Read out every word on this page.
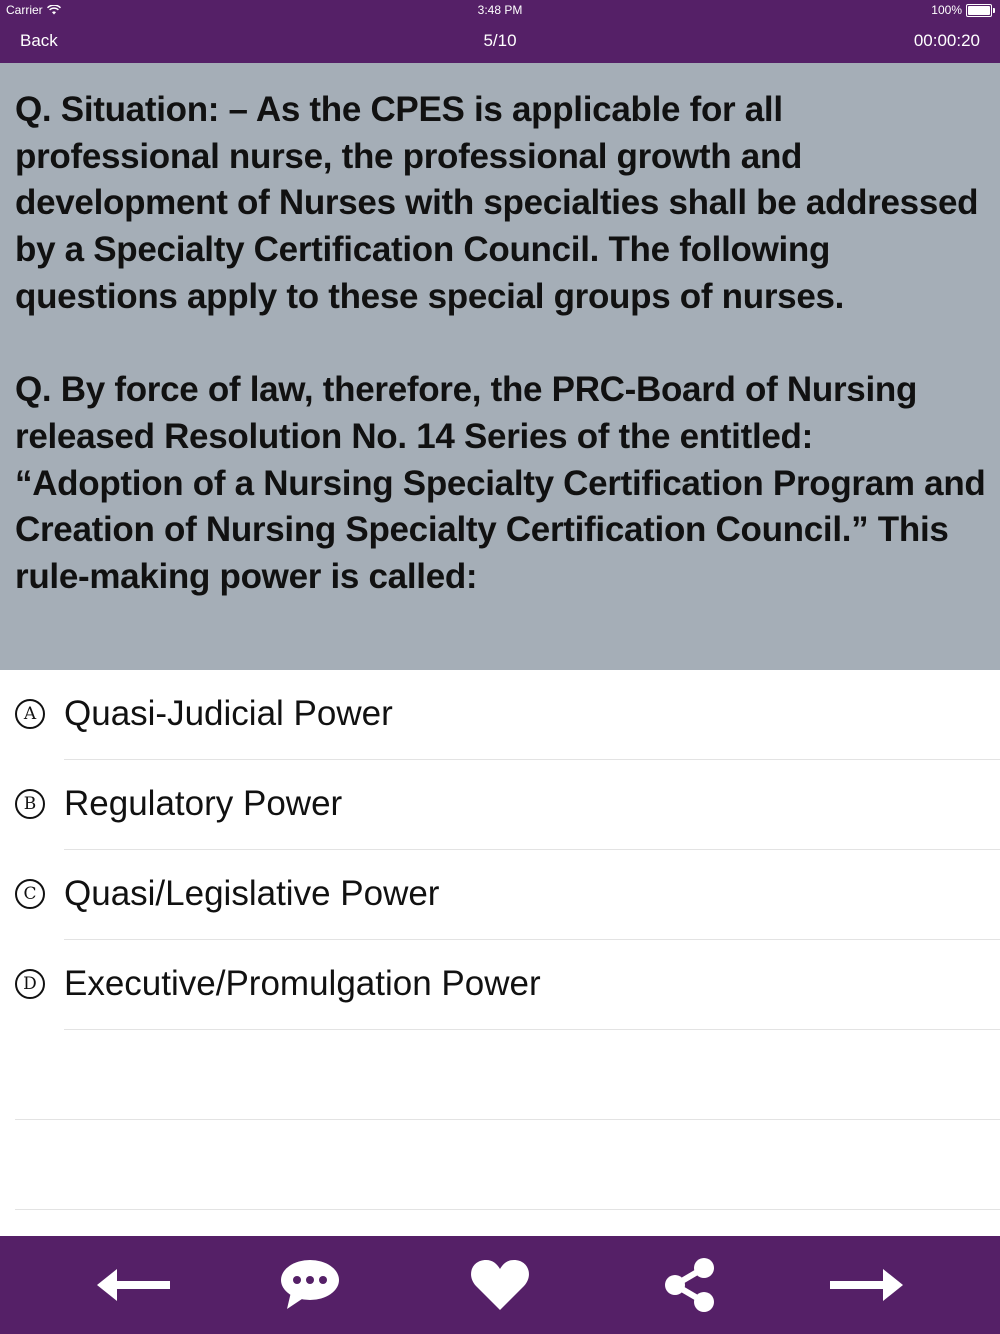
Carrier	3:48 PM	100%
Back	5/10	00:00:20

Q. Situation: – As the CPES is applicable for all professional nurse, the professional growth and development of Nurses with specialties shall be addressed by a Specialty Certification Council. The following questions apply to these special groups of nurses.

Q. By force of law, therefore, the PRC-Board of Nursing released Resolution No. 14 Series of the entitled: “Adoption of a Nursing Specialty Certification Program and Creation of Nursing Specialty Certification Council.” This rule-making power is called:

A Quasi-Judicial Power
B Regulatory Power
C Quasi/Legislative Power
D Executive/Promulgation Power
